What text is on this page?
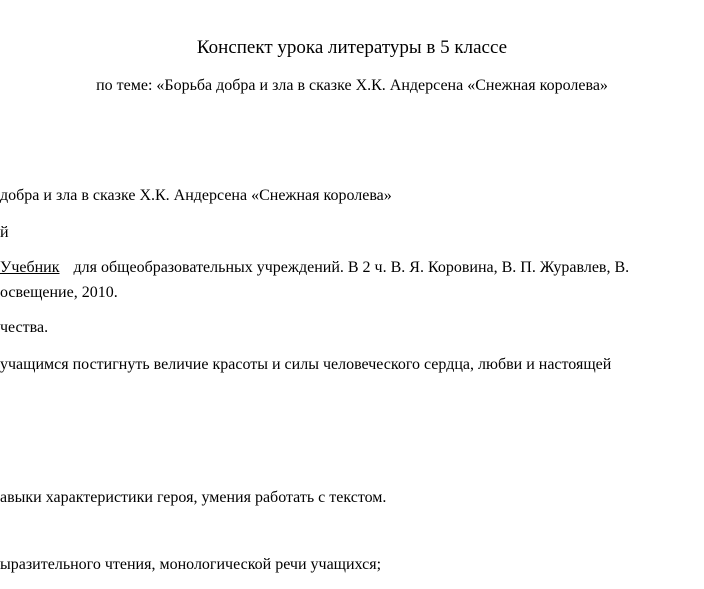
Конспект урока литературы в 5 классе
по теме: «Борьба добра и зла в сказке Х.К. Андерсена «Снежная королева»
добра и зла в сказке Х.К. Андерсена «Снежная королева»
й
Учебник для общеобразовательных учреждений. В 2 ч. В. Я. Коровина, В. П. Журавлев, В.
освещение, 2010.
чества.
учащимся постигнуть величие красоты и силы человеческого сердца, любви и настоящей
авыки характеристики героя, умения работать с текстом.
ыразительного чтения, монологической речи учащихся;
